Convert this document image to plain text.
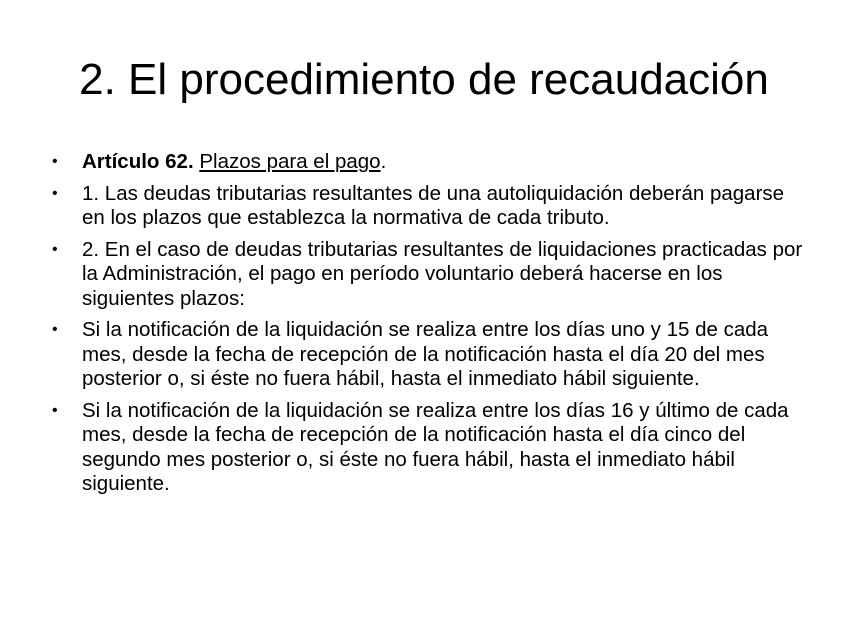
2. El procedimiento de recaudación
• Artículo 62. Plazos para el pago.
• 1. Las deudas tributarias resultantes de una autoliquidación deberán pagarse en los plazos que establezca la normativa de cada tributo.
• 2. En el caso de deudas tributarias resultantes de liquidaciones practicadas por la Administración, el pago en período voluntario deberá hacerse en los siguientes plazos:
• Si la notificación de la liquidación se realiza entre los días uno y 15 de cada mes, desde la fecha de recepción de la notificación hasta el día 20 del mes posterior o, si éste no fuera hábil, hasta el inmediato hábil siguiente.
• Si la notificación de la liquidación se realiza entre los días 16 y último de cada mes, desde la fecha de recepción de la notificación hasta el día cinco del segundo mes posterior o, si éste no fuera hábil, hasta el inmediato hábil siguiente.
